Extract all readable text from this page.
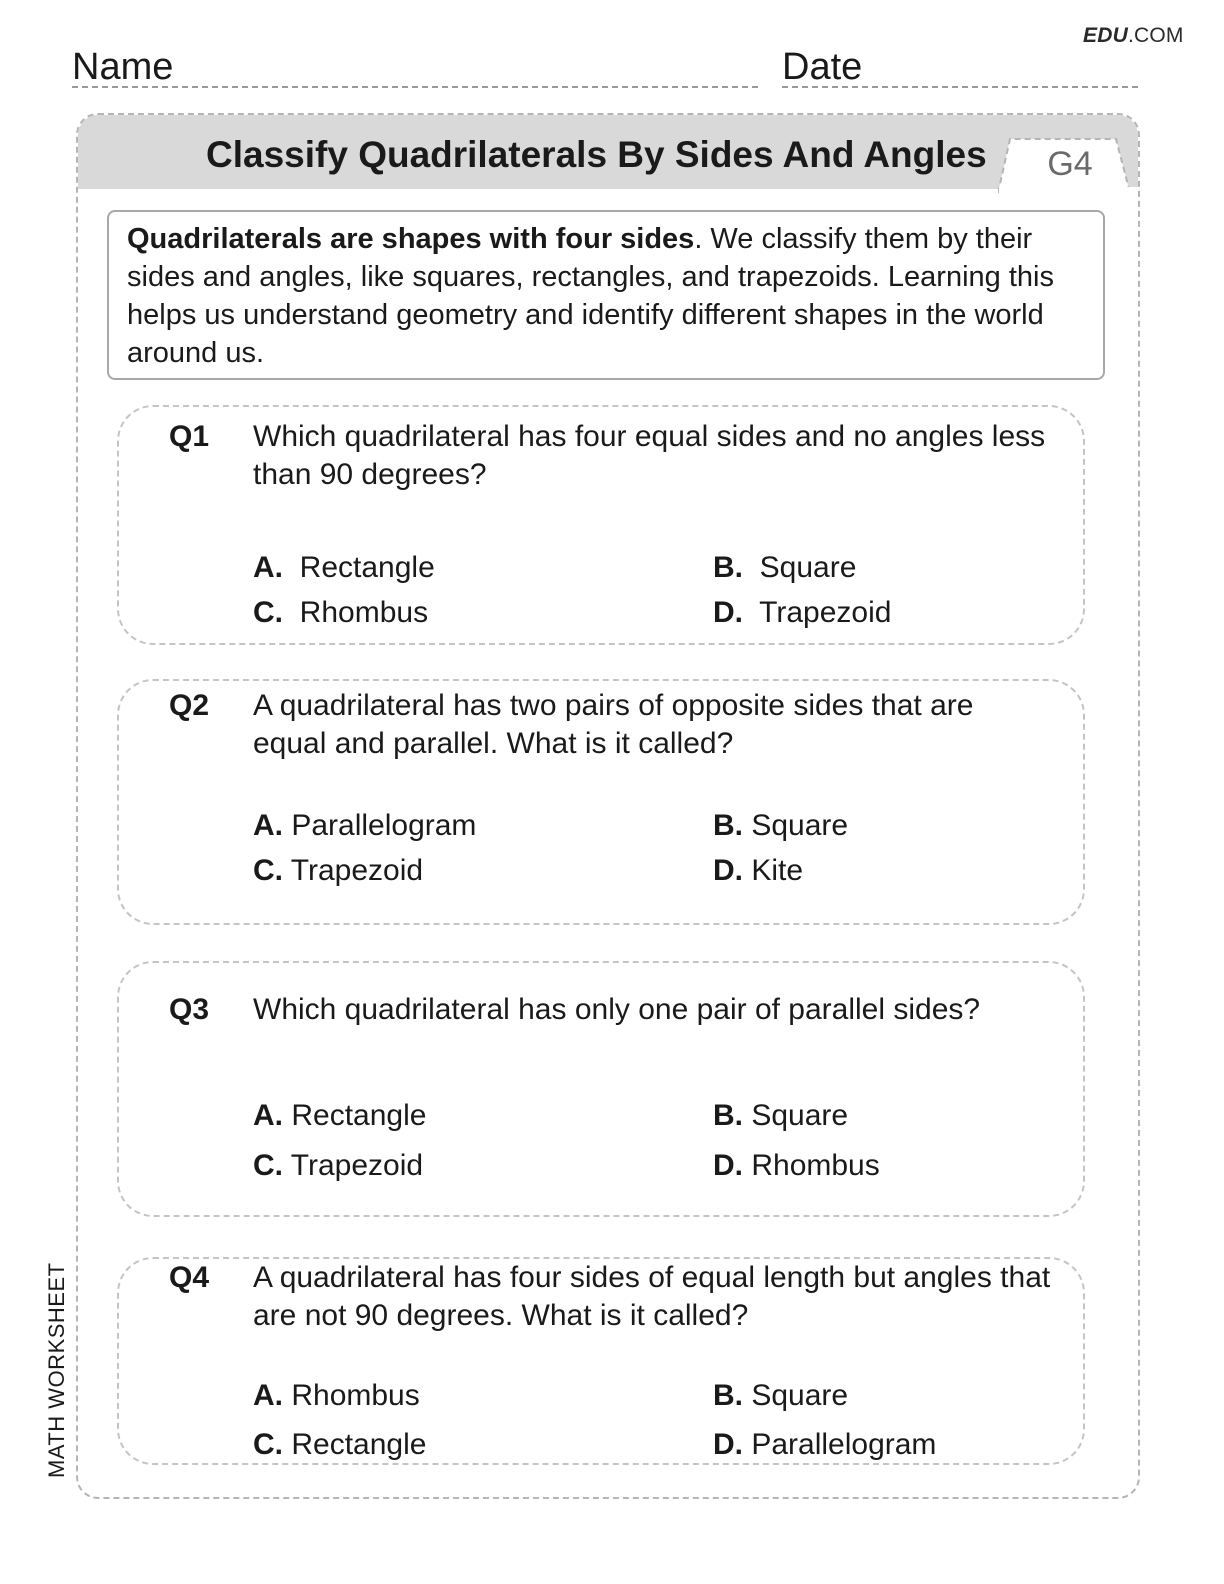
EDU.COM
Name	Date
Classify Quadrilaterals By Sides And Angles	G4
Quadrilaterals are shapes with four sides. We classify them by their sides and angles, like squares, rectangles, and trapezoids. Learning this helps us understand geometry and identify different shapes in the world around us.
Q1 Which quadrilateral has four equal sides and no angles less than 90 degrees?
A. Rectangle	B. Square
C. Rhombus	D. Trapezoid
Q2 A quadrilateral has two pairs of opposite sides that are equal and parallel. What is it called?
A. Parallelogram	B. Square
C. Trapezoid	D. Kite
Q3 Which quadrilateral has only one pair of parallel sides?
A. Rectangle	B. Square
C. Trapezoid	D. Rhombus
Q4 A quadrilateral has four sides of equal length but angles that are not 90 degrees. What is it called?
A. Rhombus	B. Square
C. Rectangle	D. Parallelogram
MATH WORKSHEET
